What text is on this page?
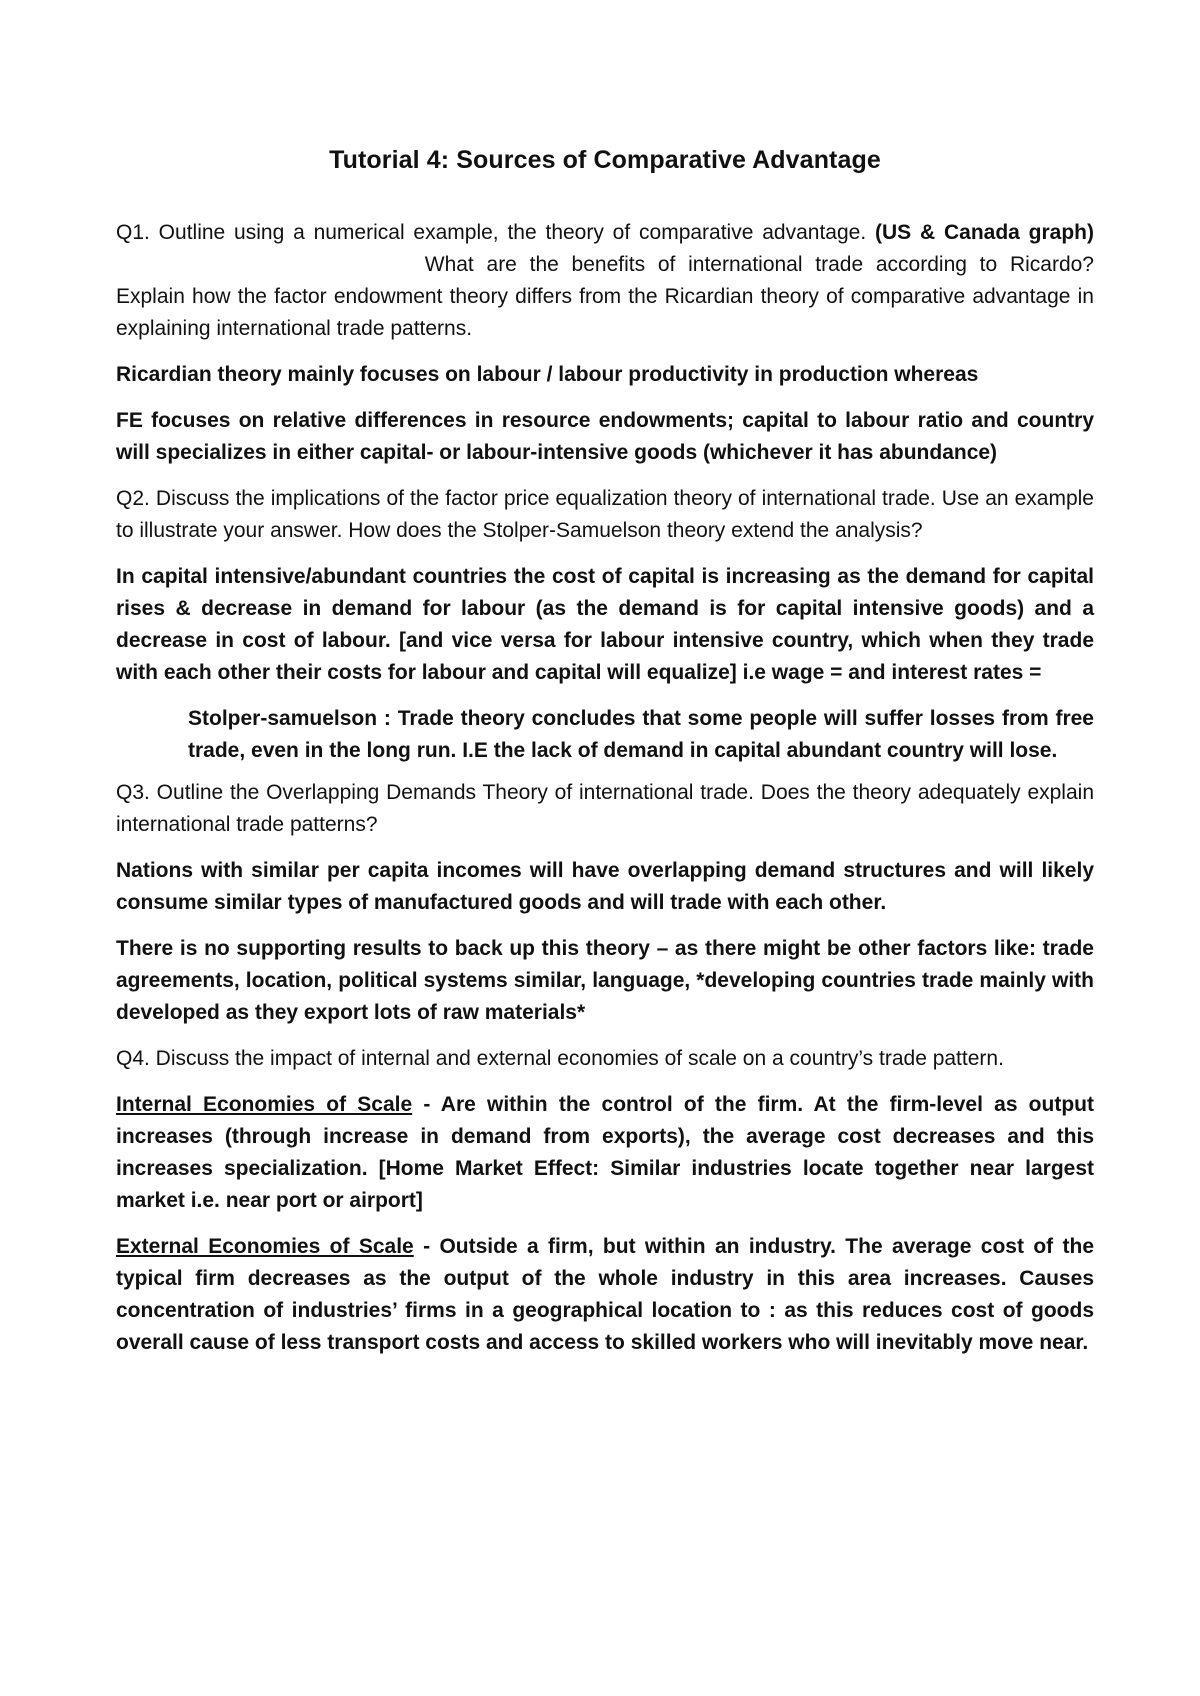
Tutorial 4: Sources of Comparative Advantage

Q1. Outline using a numerical example, the theory of comparative advantage. (US & Canada graph)  What are the benefits of international trade according to Ricardo? Explain how the factor endowment theory differs from the Ricardian theory of comparative advantage in explaining international trade patterns.

Ricardian theory mainly focuses on labour / labour productivity in production whereas

FE focuses on relative differences in resource endowments; capital to labour ratio and country will specializes in either capital- or labour-intensive goods (whichever it has abundance)

Q2. Discuss the implications of the factor price equalization theory of international trade. Use an example to illustrate your answer. How does the Stolper-Samuelson theory extend the analysis?

In capital intensive/abundant countries the cost of capital is increasing as the demand for capital rises & decrease in demand for labour (as the demand is for capital intensive goods) and a decrease in cost of labour. [and vice versa for labour intensive country, which when they trade with each other their costs for labour and capital will equalize] i.e wage = and interest rates =

Stolper-samuelson : Trade theory concludes that some people will suffer losses from free trade, even in the long run. I.E the lack of demand in capital abundant country will lose.

Q3. Outline the Overlapping Demands Theory of international trade. Does the theory adequately explain international trade patterns?

Nations with similar per capita incomes will have overlapping demand structures and will likely consume similar types of manufactured goods and will trade with each other.

There is no supporting results to back up this theory – as there might be other factors like: trade agreements, location, political systems similar, language, *developing countries trade mainly with developed as they export lots of raw materials*

Q4. Discuss the impact of internal and external economies of scale on a country’s trade pattern.

Internal Economies of Scale - Are within the control of the firm. At the firm-level as output increases (through increase in demand from exports), the average cost decreases and this increases specialization. [Home Market Effect: Similar industries locate together near largest market i.e. near port or airport]

External Economies of Scale - Outside a firm, but within an industry. The average cost of the typical firm decreases as the output of the whole industry in this area increases. Causes concentration of industries’ firms in a geographical location to : as this reduces cost of goods overall cause of less transport costs and access to skilled workers who will inevitably move near.
